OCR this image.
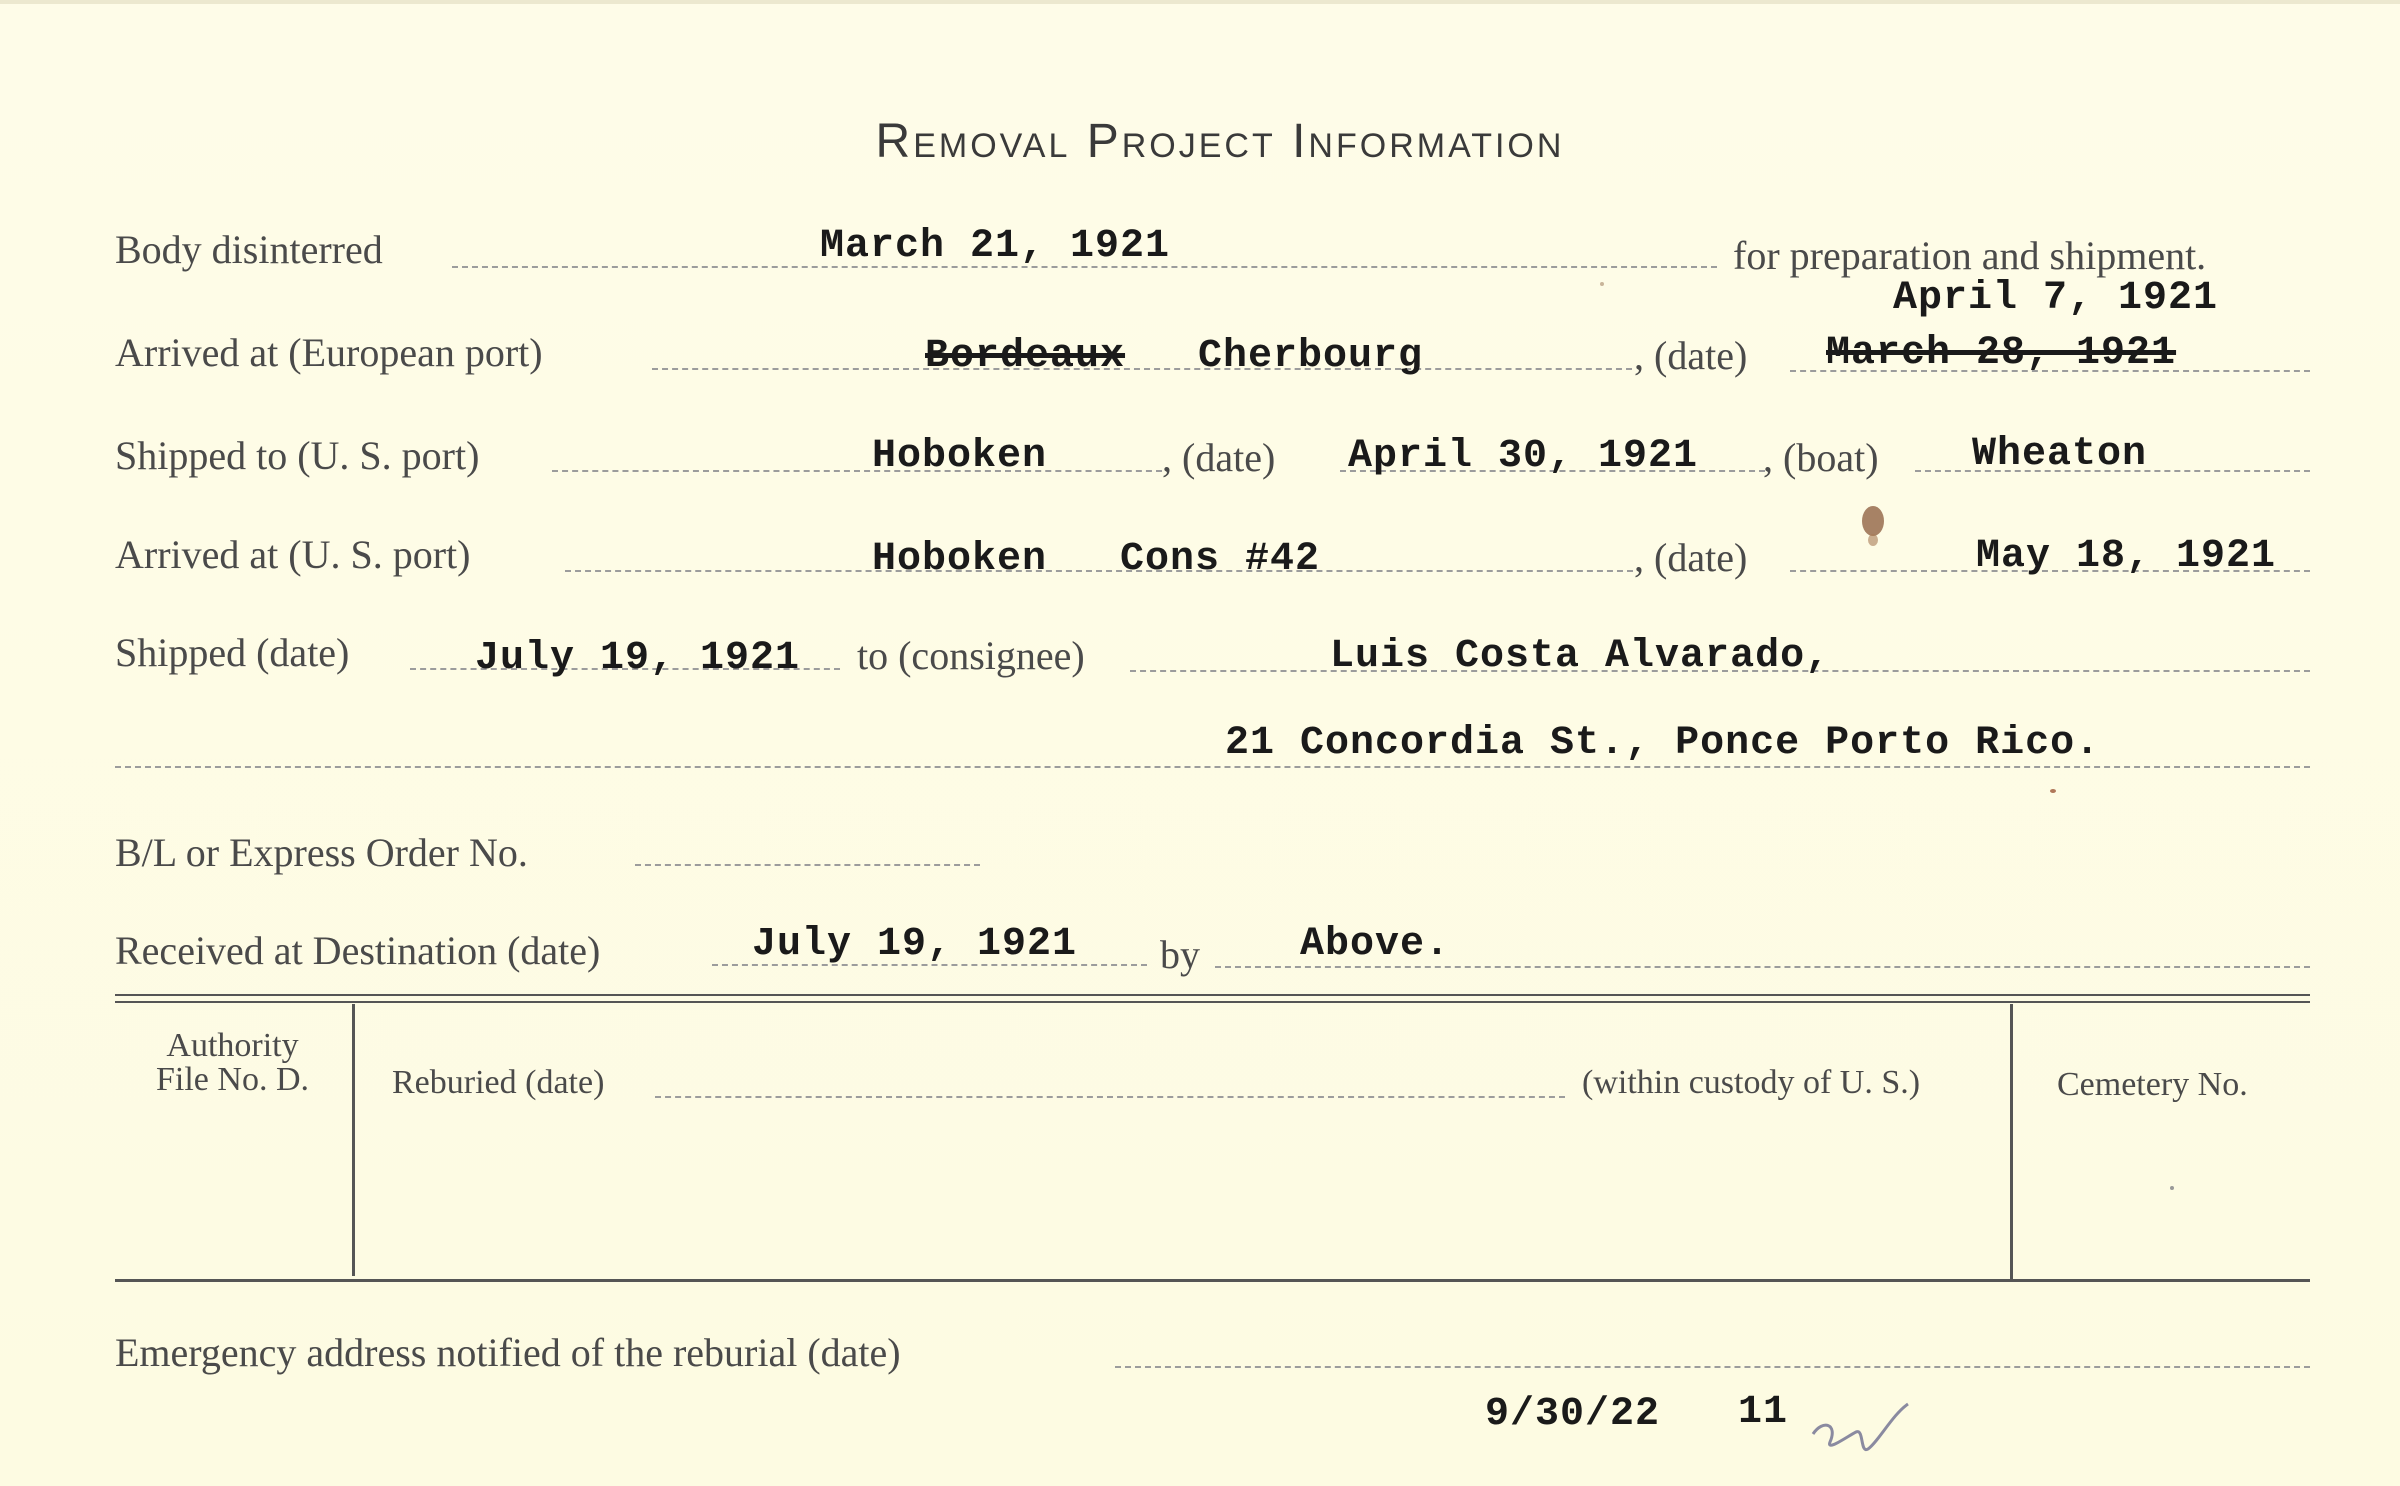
Removal Project Information
Body disinterred	March 21, 1921	for preparation and shipment.
April 7, 1921
Arrived at (European port)	Bordeaux Cherbourg	, (date) March 28, 1921
Shipped to (U. S. port)	Hoboken	, (date) April 30, 1921 , (boat) Wheaton
Arrived at (U. S. port)	Hoboken Cons #42	, (date)	May 18, 1921
Shipped (date)	July 19, 1921 to (consignee)	Luis Costa Alvarado,
21 Concordia St., Ponce Porto Rico.
B/L or Express Order No.
Received at Destination (date)	July 19, 1921 by	Above.
Authority
File No. D.	Reburied (date)	(within custody of U. S.)	Cemetery No.
Emergency address notified of the reburial (date)
9/30/22 11
